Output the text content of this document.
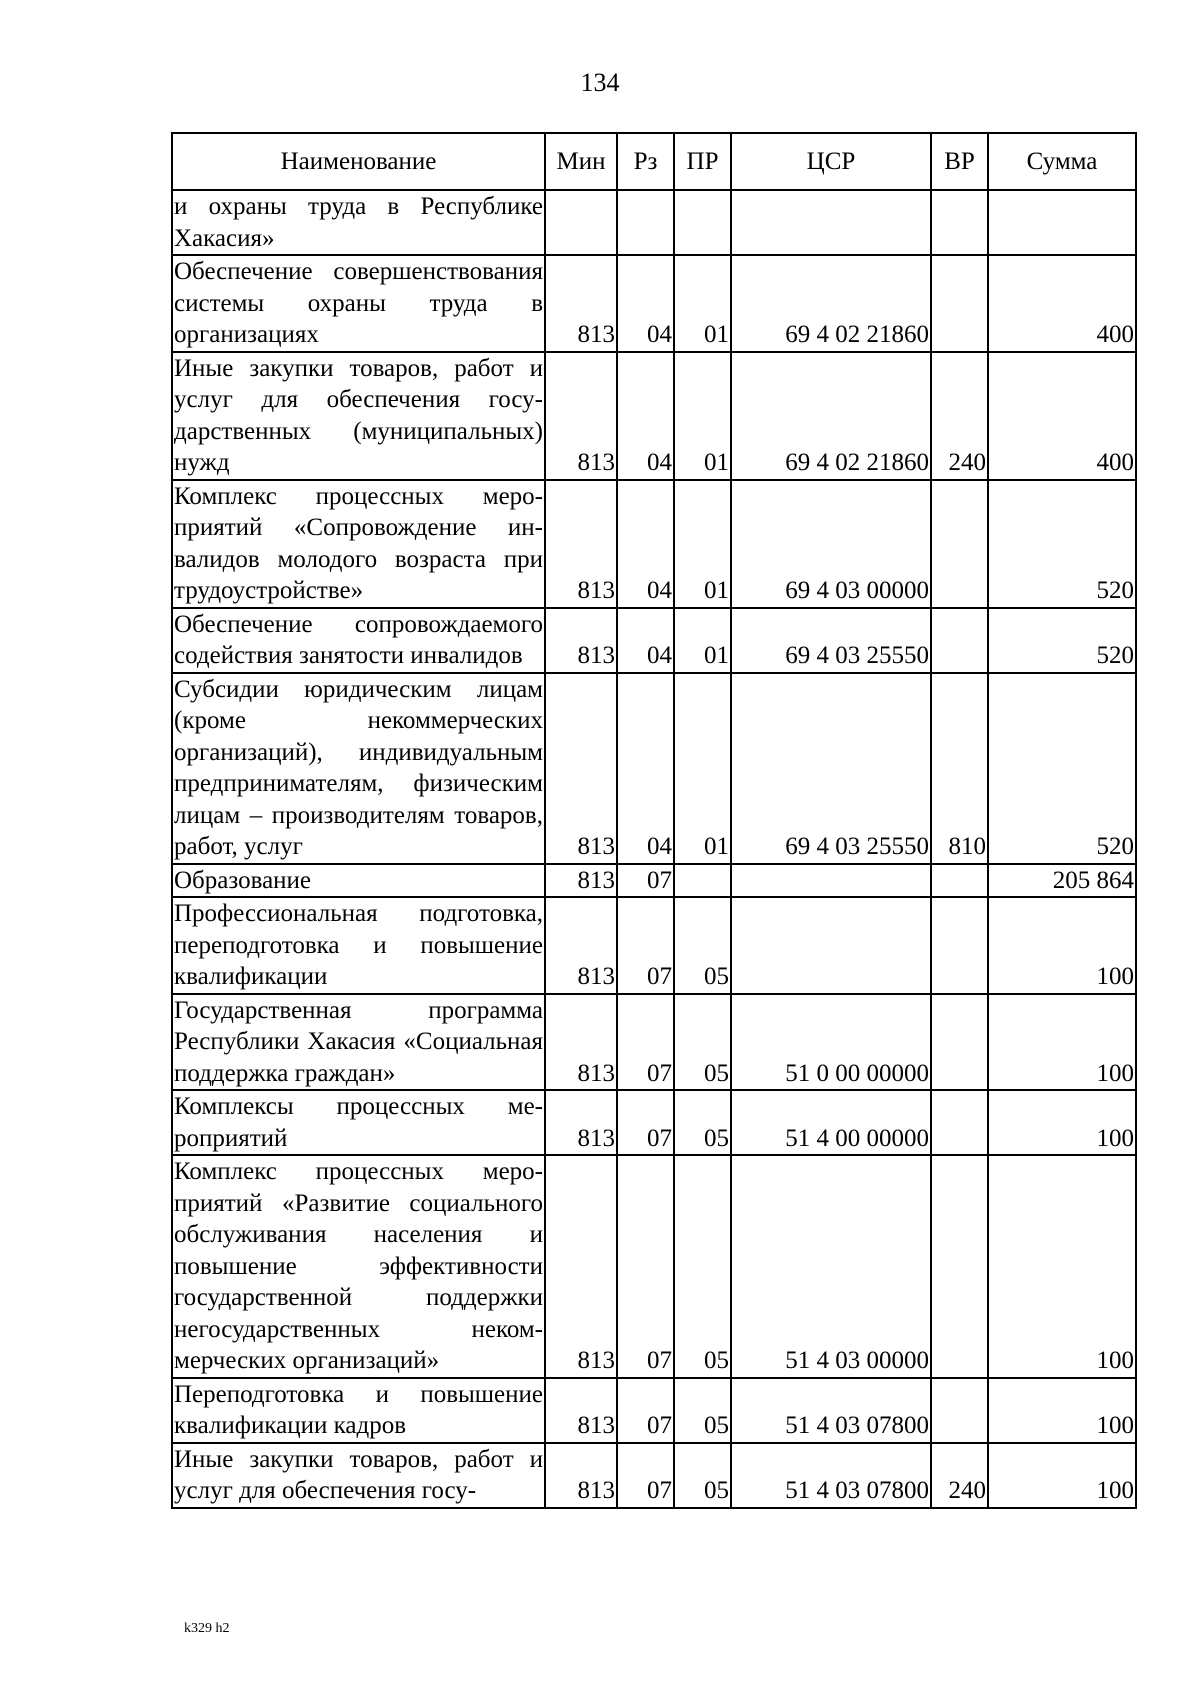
134
Наименование	Мин	Рз	ПР	ЦСР	ВР	Сумма
и охраны труда в Республике Хакасия»						
Обеспечение совершенствования системы охраны труда в организациях	813	04	01	69 4 02 21860		400
Иные закупки товаров, работ и услуг для обеспечения государственных (муниципальных) нужд	813	04	01	69 4 02 21860	240	400
Комплекс процессных мероприятий «Сопровождение инвалидов молодого возраста при трудоустройстве»	813	04	01	69 4 03 00000		520
Обеспечение сопровождаемого содействия занятости инвалидов	813	04	01	69 4 03 25550		520
Субсидии юридическим лицам (кроме некоммерческих организаций), индивидуальным предпринимателям, физическим лицам – производителям товаров, работ, услуг	813	04	01	69 4 03 25550	810	520
Образование	813	07				205 864
Профессиональная подготовка, переподготовка и повышение квалификации	813	07	05			100
Государственная программа Республики Хакасия «Социальная поддержка граждан»	813	07	05	51 0 00 00000		100
Комплексы процессных мероприятий	813	07	05	51 4 00 00000		100
Комплекс процессных мероприятий «Развитие социального обслуживания населения и повышение эффективности государственной поддержки негосударственных некоммерческих организаций»	813	07	05	51 4 03 00000		100
Переподготовка и повышение квалификации кадров	813	07	05	51 4 03 07800		100
Иные закупки товаров, работ и услуг для обеспечения госу-	813	07	05	51 4 03 07800	240	100
k329 h2
